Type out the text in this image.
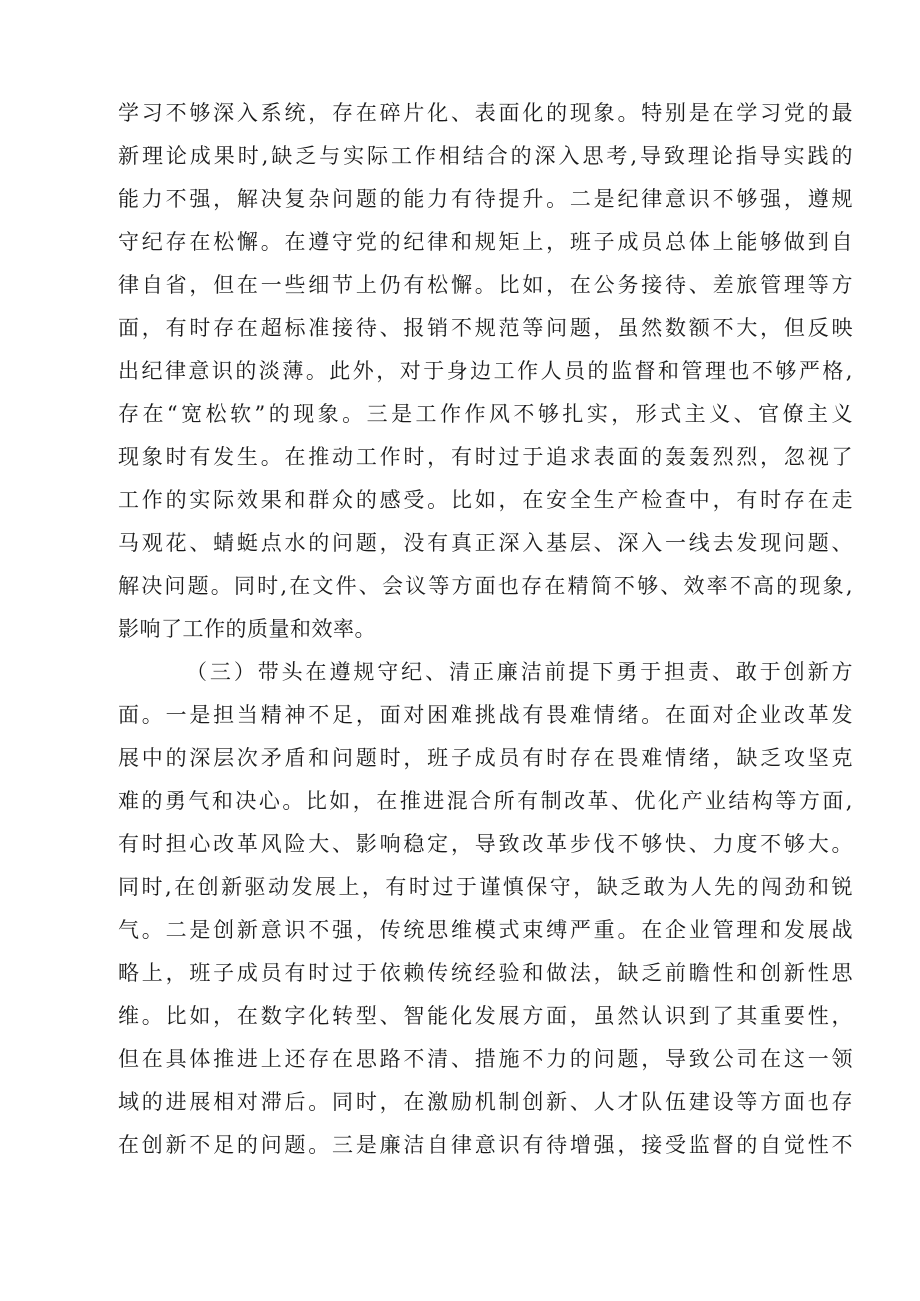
学习不够深入系统，存在碎片化、表面化的现象。特别是在学习党的最
新理论成果时,缺乏与实际工作相结合的深入思考,导致理论指导实践的
能力不强，解决复杂问题的能力有待提升。二是纪律意识不够强，遵规
守纪存在松懈。在遵守党的纪律和规矩上，班子成员总体上能够做到自
律自省，但在一些细节上仍有松懈。比如，在公务接待、差旅管理等方
面，有时存在超标准接待、报销不规范等问题，虽然数额不大，但反映
出纪律意识的淡薄。此外，对于身边工作人员的监督和管理也不够严格,
存在“宽松软”的现象。三是工作作风不够扎实，形式主义、官僚主义
现象时有发生。在推动工作时，有时过于追求表面的轰轰烈烈，忽视了
工作的实际效果和群众的感受。比如，在安全生产检查中，有时存在走
马观花、蜻蜓点水的问题，没有真正深入基层、深入一线去发现问题、
解决问题。同时,在文件、会议等方面也存在精简不够、效率不高的现象,
影响了工作的质量和效率。
（三）带头在遵规守纪、清正廉洁前提下勇于担责、敢于创新方
面。一是担当精神不足，面对困难挑战有畏难情绪。在面对企业改革发
展中的深层次矛盾和问题时，班子成员有时存在畏难情绪，缺乏攻坚克
难的勇气和决心。比如，在推进混合所有制改革、优化产业结构等方面,
有时担心改革风险大、影响稳定，导致改革步伐不够快、力度不够大。
同时,在创新驱动发展上，有时过于谨慎保守，缺乏敢为人先的闯劲和锐
气。二是创新意识不强，传统思维模式束缚严重。在企业管理和发展战
略上，班子成员有时过于依赖传统经验和做法，缺乏前瞻性和创新性思
维。比如，在数字化转型、智能化发展方面，虽然认识到了其重要性，
但在具体推进上还存在思路不清、措施不力的问题，导致公司在这一领
域的进展相对滞后。同时，在激励机制创新、人才队伍建设等方面也存
在创新不足的问题。三是廉洁自律意识有待增强，接受监督的自觉性不
